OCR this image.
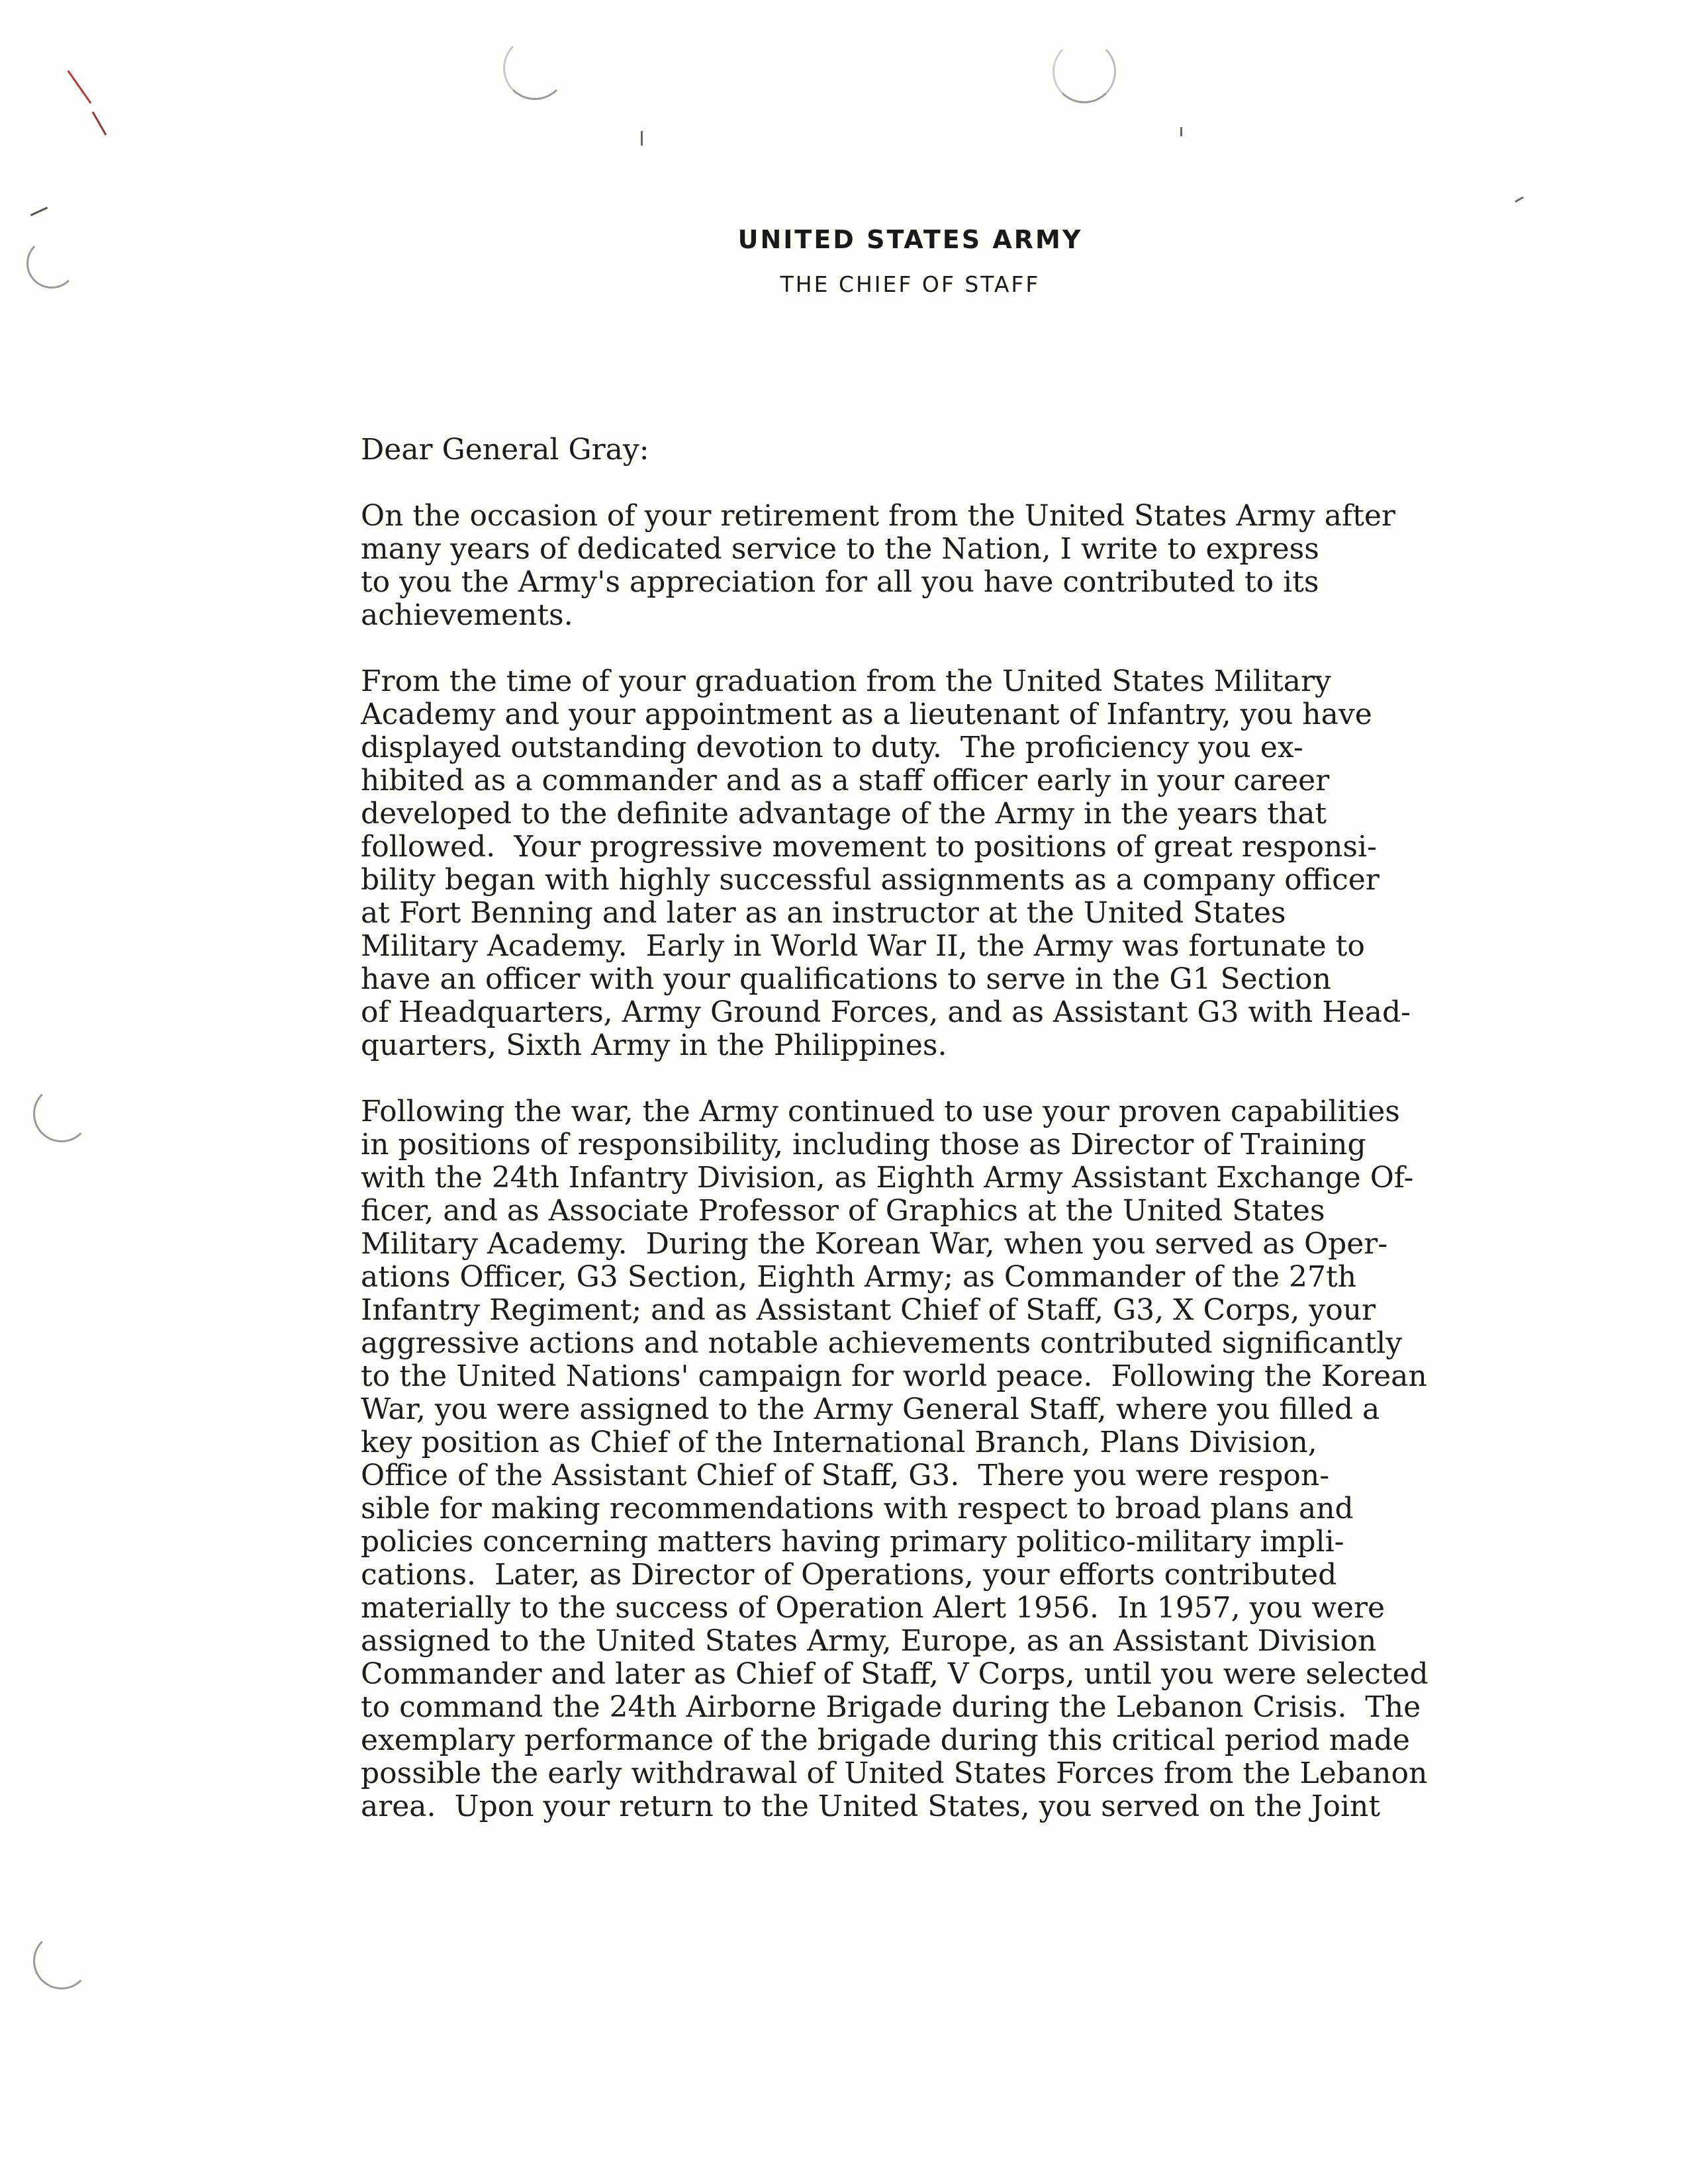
UNITED STATES ARMY
THE CHIEF OF STAFF
Dear General Gray:
On the occasion of your retirement from the United States Army after
many years of dedicated service to the Nation, I write to express
to you the Army's appreciation for all you have contributed to its
achievements.
From the time of your graduation from the United States Military
Academy and your appointment as a lieutenant of Infantry, you have
displayed outstanding devotion to duty.  The proficiency you ex-
hibited as a commander and as a staff officer early in your career
developed to the definite advantage of the Army in the years that
followed.  Your progressive movement to positions of great responsi-
bility began with highly successful assignments as a company officer
at Fort Benning and later as an instructor at the United States
Military Academy.  Early in World War II, the Army was fortunate to
have an officer with your qualifications to serve in the G1 Section
of Headquarters, Army Ground Forces, and as Assistant G3 with Head-
quarters, Sixth Army in the Philippines.
Following the war, the Army continued to use your proven capabilities
in positions of responsibility, including those as Director of Training
with the 24th Infantry Division, as Eighth Army Assistant Exchange Of-
ficer, and as Associate Professor of Graphics at the United States
Military Academy.  During the Korean War, when you served as Oper-
ations Officer, G3 Section, Eighth Army; as Commander of the 27th
Infantry Regiment; and as Assistant Chief of Staff, G3, X Corps, your
aggressive actions and notable achievements contributed significantly
to the United Nations' campaign for world peace.  Following the Korean
War, you were assigned to the Army General Staff, where you filled a
key position as Chief of the International Branch, Plans Division,
Office of the Assistant Chief of Staff, G3.  There you were respon-
sible for making recommendations with respect to broad plans and
policies concerning matters having primary politico-military impli-
cations.  Later, as Director of Operations, your efforts contributed
materially to the success of Operation Alert 1956.  In 1957, you were
assigned to the United States Army, Europe, as an Assistant Division
Commander and later as Chief of Staff, V Corps, until you were selected
to command the 24th Airborne Brigade during the Lebanon Crisis.  The
exemplary performance of the brigade during this critical period made
possible the early withdrawal of United States Forces from the Lebanon
area.  Upon your return to the United States, you served on the Joint
